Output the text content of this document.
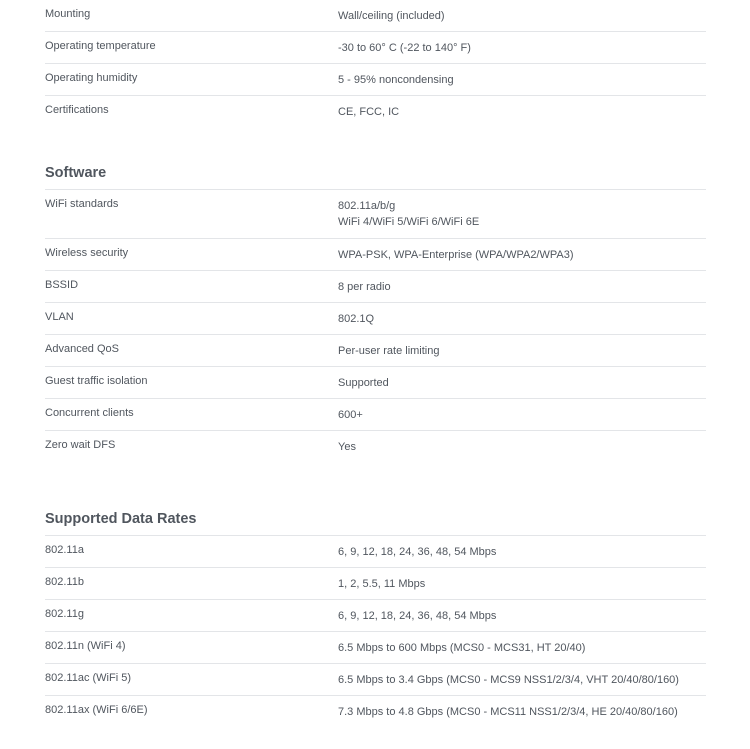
Mounting	Wall/ceiling (included)
Operating temperature	-30 to 60° C (-22 to 140° F)
Operating humidity	5 - 95% noncondensing
Certifications	CE, FCC, IC
Software
WiFi standards	802.11a/b/g
WiFi 4/WiFi 5/WiFi 6/WiFi 6E
Wireless security	WPA-PSK, WPA-Enterprise (WPA/WPA2/WPA3)
BSSID	8 per radio
VLAN	802.1Q
Advanced QoS	Per-user rate limiting
Guest traffic isolation	Supported
Concurrent clients	600+
Zero wait DFS	Yes
Supported Data Rates
802.11a	6, 9, 12, 18, 24, 36, 48, 54 Mbps
802.11b	1, 2, 5.5, 11 Mbps
802.11g	6, 9, 12, 18, 24, 36, 48, 54 Mbps
802.11n (WiFi 4)	6.5 Mbps to 600 Mbps (MCS0 - MCS31, HT 20/40)
802.11ac (WiFi 5)	6.5 Mbps to 3.4 Gbps (MCS0 - MCS9 NSS1/2/3/4, VHT 20/40/80/160)
802.11ax (WiFi 6/6E)	7.3 Mbps to 4.8 Gbps (MCS0 - MCS11 NSS1/2/3/4, HE 20/40/80/160)
